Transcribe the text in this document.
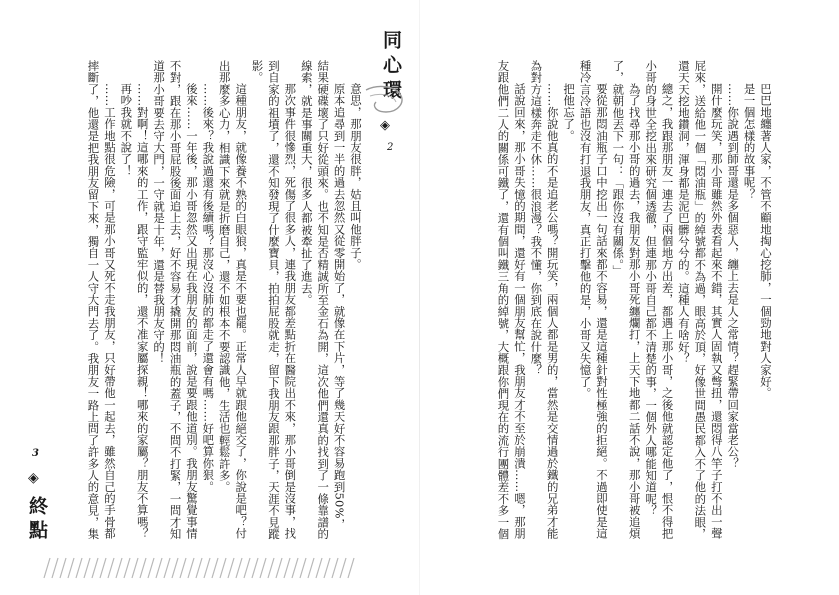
意思，那朋友很胖，姑且叫他胖子。

原本追尋到一半的過去忽然又從零開始了，就像在下片，等了幾天好不容易跑到50%，結果硬碟壞了只好從頭來。也不知是否精誠所至金石為開，這次他們還真的找到了一條靠譜的線索，就是事關重大，很多人都被牽扯了進去。

那次事件很慘烈，死傷了很多人，連我朋友都差點折在醫院出不來，那小哥倒是沒事，找到自家的祖墳了，還不知發現了什麼寶貝，拍拍屁股就走，留下我朋友跟那胖子，天涯不見蹤影。

這種朋友，就像養不熟的白眼狼，真是不要也罷。正常人早就跟他絕交了，你說是吧？付出那麼多心力，相識下來就是折磨自己，還不如根本不要認識他，生活也輕鬆許多。

……後來？我說過還有後續嗎？那沒心沒肺的都走了還會有嗎……好吧算你狠。

後來……一年後，那小哥忽然又出現在我朋友的面前，說是要跟他道別。我朋友驚覺事情不對，跟在那小哥屁股後面追上去，好不容易才撬開那悶油瓶的蓋子，不問不打緊，一問才知道那小哥要去守大門，一守就是十年，還是替我朋友守的！

……對啊！這哪來的工作，跟守監牢似的，還不准家屬探親！哪來的家屬？朋友不算嗎？

再吵我就不說了！

……工作地點很危險，可是那小哥又死不走我朋友，只好帶他一起去，雖然自己的手骨都摔斷了，他還是把我朋友留下來，獨自一人守大門去了。我朋友一路上問了許多人的意見，集

3
◈
終點

巴巴地纏著人家，不管不顧地掏心挖肺，一個勁地對人家好。

是一個怎樣的故事呢？

……你說遇到師哥還是多個惡人，纏上去是人之常情？趕緊帶回家當老公？

開什麼玩笑，那小哥雖然外表看起來不錯，其實人固執又彆扭，還悶得八竿子打不出一聲屁來，送給他一個「悶油瓶」的綽號都不為過，眼高於頂，好像世間愚民都入不了他的法眼，還天天挖地鑽洞，渾身都是泥巴髒兮兮的。這種人有啥好？

總之，我跟那朋友一連去了兩個地方出差，都遇上那小哥，之後他就認定他了，恨不得把小哥的身世全挖出來研究個透徹，但連那小哥自己都不清楚的事，一個外人哪能知道呢？

為了找尋那小哥的過去，我朋友對那小哥死纏爛打，上天下地都二話不說，那小哥被追煩了，就朝他丟下一句：「跟你沒有關係。」

要從那悶油瓶子口中挖出一句話來都不容易，還是這種針對性極強的拒絕。不過即使是這種冷言冷語也沒有打退我朋友，真正打擊他的是，小哥又失憶了。

把他忘了。

……你說他真的不是追老公嗎？開玩笑，兩個人都是男的，當然是交情過於鐵的兄弟才能為對方這樣奔走不休……很浪漫？我不懂，你到底在說什麼？

話說回來，那小哥失憶的期間，還好有一個朋友幫忙，我朋友才不至於崩潰……嗯，那朋友跟他們二人的關係可鐵了，還有個叫鐵三角的綽號，大概跟你們現在的流行團體差不多一個

同心環
◈
2
